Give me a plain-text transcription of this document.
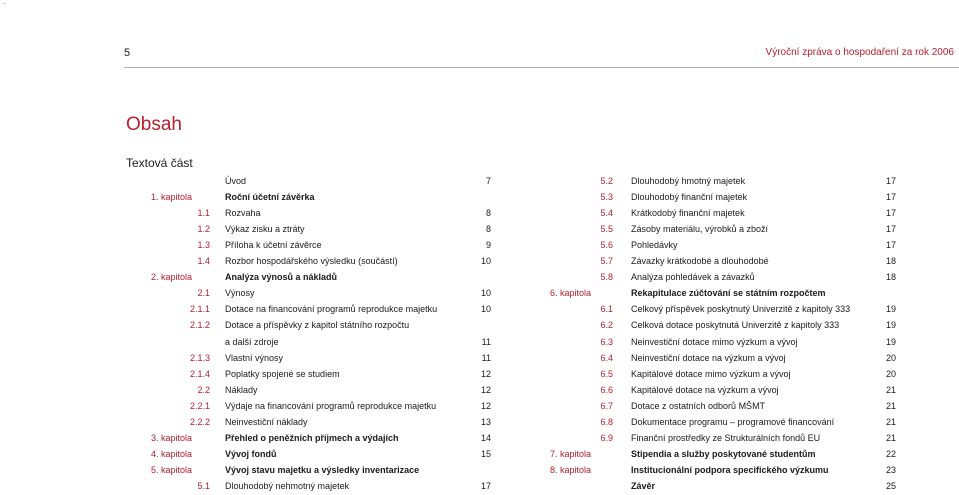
5	Výroční zpráva o hospodaření za rok 2006
Obsah
Textová část
Úvod	7
1. kapitola	Roční účetní závěrka
1.1 Rozvaha	8
1.2 Výkaz zisku a ztráty	8
1.3 Příloha k účetní závěrce	9
1.4 Rozbor hospodářského výsledku (součástí)	10
2. kapitola	Analýza výnosů a nákladů
2.1 Výnosy	10
2.1.1 Dotace na financování programů reprodukce majetku	10
2.1.2 Dotace a příspěvky z kapitol státního rozpočtu
a další zdroje	11
2.1.3 Vlastní výnosy	11
2.1.4 Poplatky spojené se studiem	12
2.2 Náklady	12
2.2.1 Výdaje na financování programů reprodukce majetku	12
2.2.2 Neinvestiční náklady	13
3. kapitola	Přehled o peněžních příjmech a výdajích	14
4. kapitola	Vývoj fondů	15
5. kapitola	Vývoj stavu majetku a výsledky inventarizace
5.1 Dlouhodobý nehmotný majetek	17
5.2 Dlouhodobý hmotný majetek	17
5.3 Dlouhodobý finanční majetek	17
5.4 Krátkodobý finanční majetek	17
5.5 Zásoby materiálu, výrobků a zboží	17
5.6 Pohledávky	17
5.7 Závazky krátkodobé a dlouhodobé	18
5.8 Analýza pohledávek a závazků	18
6. kapitola	Rekapitulace zúčtování se státním rozpočtem
6.1 Celkový příspěvek poskytnutý Univerzitě z kapitoly 333	19
6.2 Celková dotace poskytnutá Univerzitě z kapitoly 333	19
6.3 Neinvestiční dotace mimo výzkum a vývoj	19
6.4 Neinvestiční dotace na výzkum a vývoj	20
6.5 Kapitálové dotace mimo výzkum a vývoj	20
6.6 Kapitálové dotace na výzkum a vývoj	21
6.7 Dotace z ostatních odborů MŠMT	21
6.8 Dokumentace programu – programové financování	21
6.9 Finanční prostředky ze Strukturálních fondů EU	21
7. kapitola	Stipendia a služby poskytované studentům	22
8. kapitola	Institucionální podpora specifického výzkumu	23
Závěr	25
